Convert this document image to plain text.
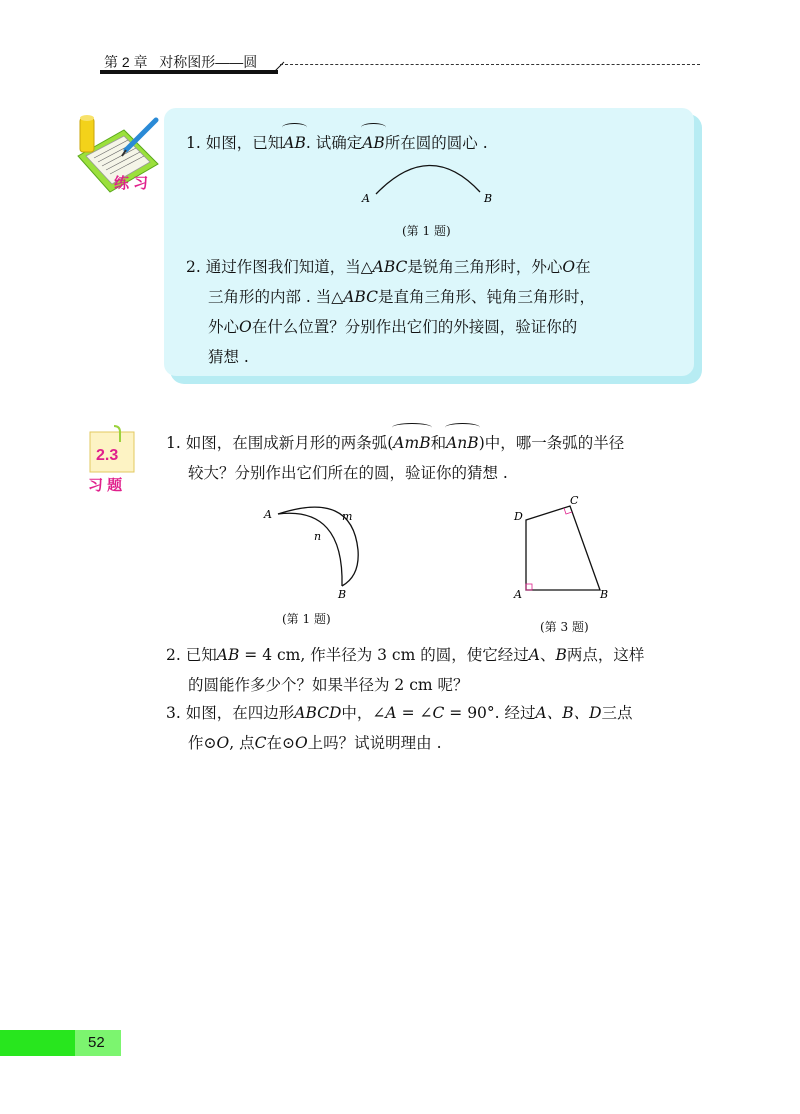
第 2 章 对称图形——圆
练 习
1. 如图，已知AB. 试确定AB所在圆的圆心 .
A	B
(第 1 题)
2. 通过作图我们知道，当△ABC是锐角三角形时，外心O在
三角形的内部 . 当△ABC是直角三角形、钝角三角形时，
外心O在什么位置？分别作出它们的外接圆，验证你的
猜想 .
2.3
习 题
1. 如图，在围成新月形的两条弧(AmB和AnB)中，哪一条弧的半径
较大？分别作出它们所在的圆，验证你的猜想 .
A	m
n
B
(第 1 题)
D
C
A	B
(第 3 题)
2. 已知AB = 4 cm, 作半径为 3 cm 的圆，使它经过A、B两点，这样
的圆能作多少个？如果半径为 2 cm 呢？
3. 如图，在四边形ABCD中，∠A = ∠C = 90°. 经过A、B、D三点
作⊙O, 点C在⊙O上吗？试说明理由 .
52
